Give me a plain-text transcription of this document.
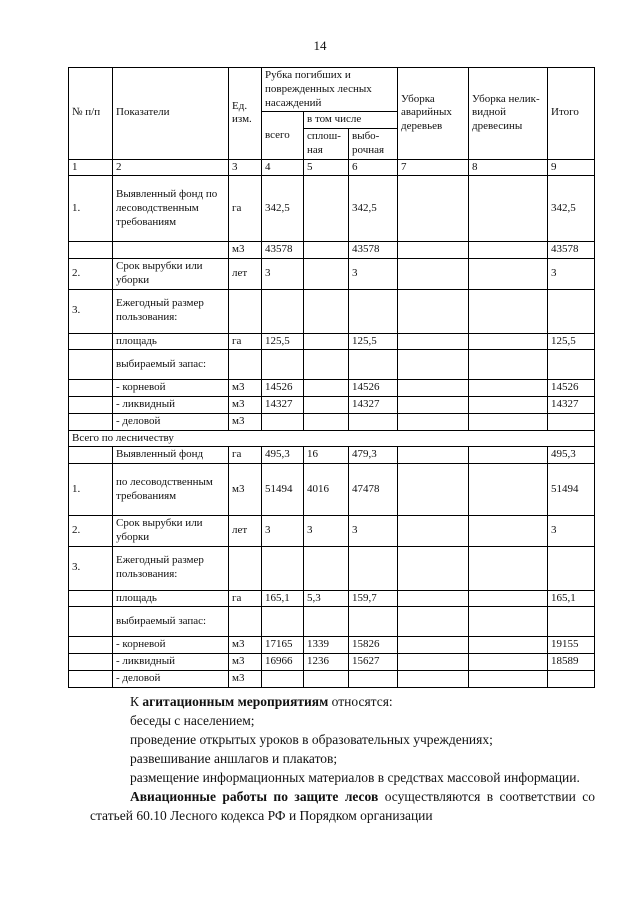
14
№ п/п	Показатели	Ед. изм.	Рубка погибших и поврежденных лесных насаждений			Уборка аварийных деревьев	Уборка нелик-видной древесины	Итого
			всего	в том числе				
				сплош-ная	выбо-рочная			
1	2	3	4	5	6	7	8	9
1.	Выявленный фонд по лесоводственным требованиям	га	342,5		342,5			342,5
		м3	43578		43578			43578
2.	Срок вырубки или уборки	лет	3		3			3
3.	Ежегодный размер пользования:							
	площадь	га	125,5		125,5			125,5
	выбираемый запас:							
	- корневой	м3	14526		14526			14526
	- ликвидный	м3	14327		14327			14327
	- деловой	м3						
Всего по лесничеству								
	Выявленный фонд	га	495,3	16	479,3			495,3
1.	по лесоводственным требованиям	м3	51494	4016	47478			51494
2.	Срок вырубки или уборки	лет	3	3	3			3
3.	Ежегодный размер пользования:							
	площадь	га	165,1	5,3	159,7			165,1
	выбираемый запас:							
	- корневой	м3	17165	1339	15826			19155
	- ликвидный	м3	16966	1236	15627			18589
	- деловой	м3						

К агитационным мероприятиям относятся:

беседы с населением;

проведение открытых уроков в образовательных учреждениях;

развешивание аншлагов и плакатов;

размещение информационных материалов в средствах массовой информации.

Авиационные работы по защите лесов осуществляются в соответствии со статьей 60.10 Лесного кодекса РФ и Порядком организации
